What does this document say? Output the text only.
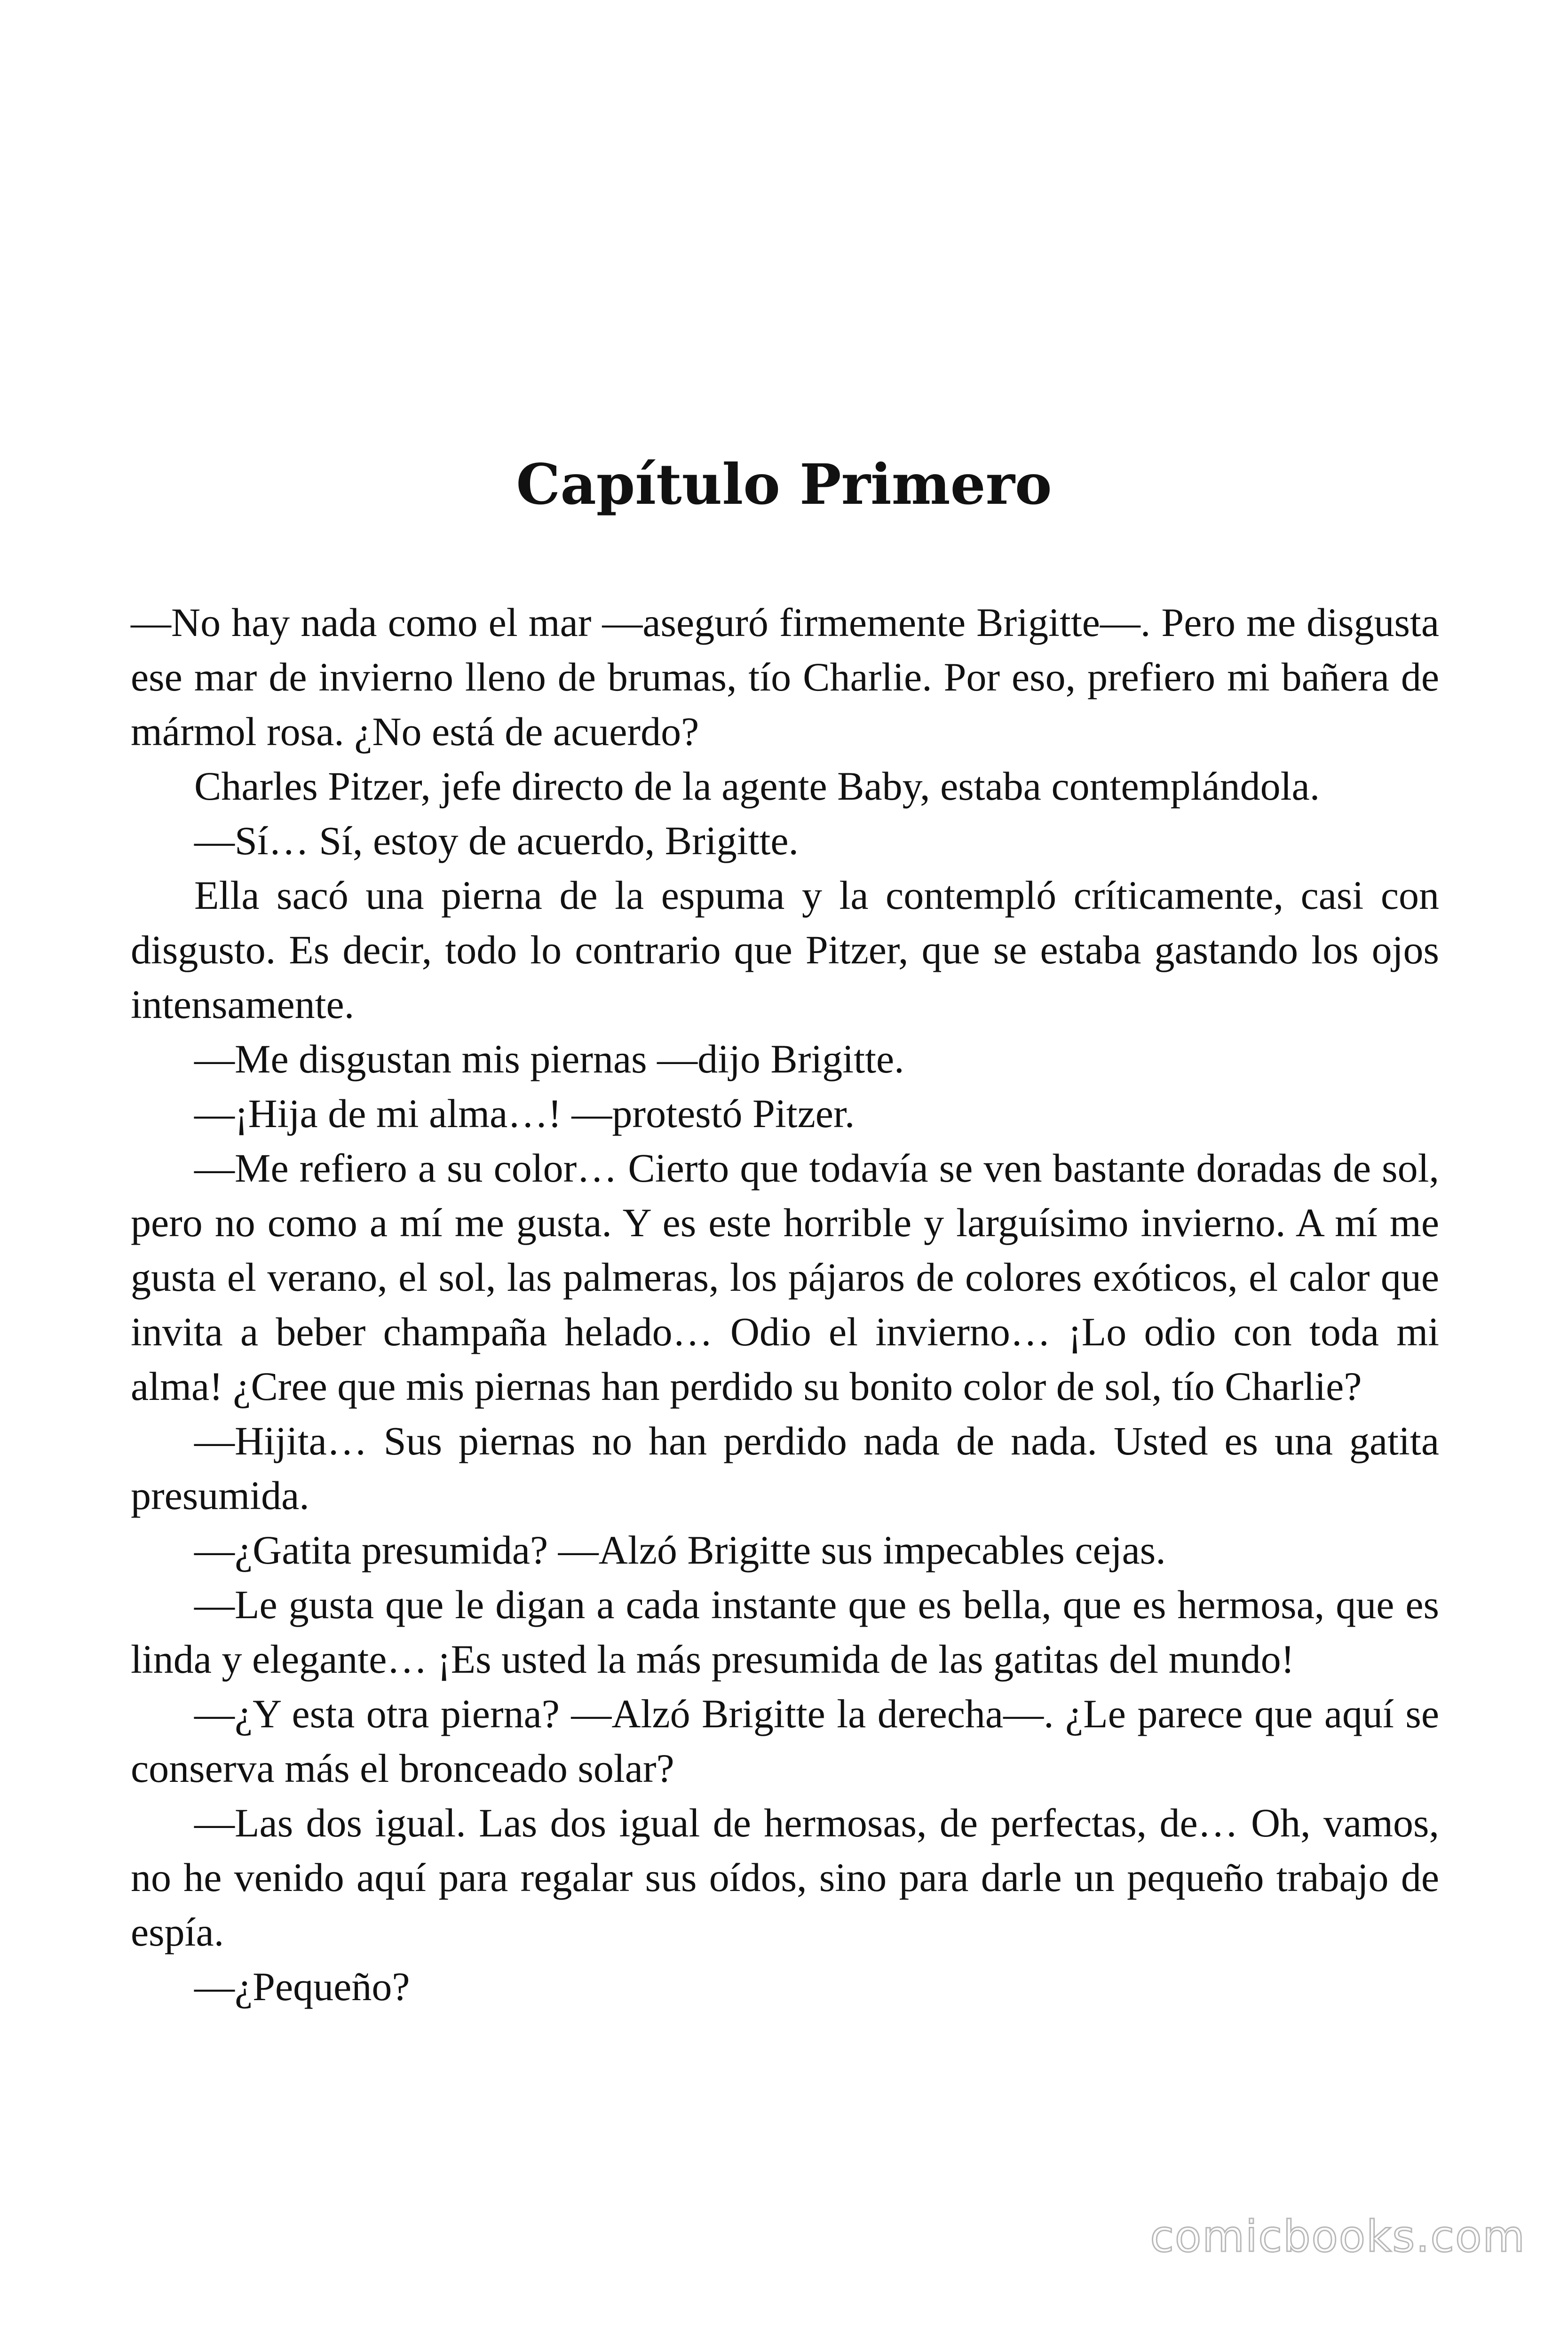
Capítulo Primero

—No hay nada como el mar —aseguró firmemente Brigitte—. Pero me disgusta ese mar de invierno lleno de brumas, tío Charlie. Por eso, prefiero mi bañera de mármol rosa. ¿No está de acuerdo?

Charles Pitzer, jefe directo de la agente Baby, estaba contemplándola.

—Sí… Sí, estoy de acuerdo, Brigitte.

Ella sacó una pierna de la espuma y la contempló críticamente, casi con disgusto. Es decir, todo lo contrario que Pitzer, que se estaba gastando los ojos intensamente.

—Me disgustan mis piernas —dijo Brigitte.

—¡Hija de mi alma…! —protestó Pitzer.

—Me refiero a su color… Cierto que todavía se ven bastante doradas de sol, pero no como a mí me gusta. Y es este horrible y larguísimo invierno. A mí me gusta el verano, el sol, las palmeras, los pájaros de colores exóticos, el calor que invita a beber champaña helado… Odio el invierno… ¡Lo odio con toda mi alma! ¿Cree que mis piernas han perdido su bonito color de sol, tío Charlie?

—Hijita… Sus piernas no han perdido nada de nada. Usted es una gatita presumida.

—¿Gatita presumida? —Alzó Brigitte sus impecables cejas.

—Le gusta que le digan a cada instante que es bella, que es hermosa, que es linda y elegante… ¡Es usted la más presumida de las gatitas del mundo!

—¿Y esta otra pierna? —Alzó Brigitte la derecha—. ¿Le parece que aquí se conserva más el bronceado solar?

—Las dos igual. Las dos igual de hermosas, de perfectas, de… Oh, vamos, no he venido aquí para regalar sus oídos, sino para darle un pequeño trabajo de espía.

—¿Pequeño?

comicbooks.com
